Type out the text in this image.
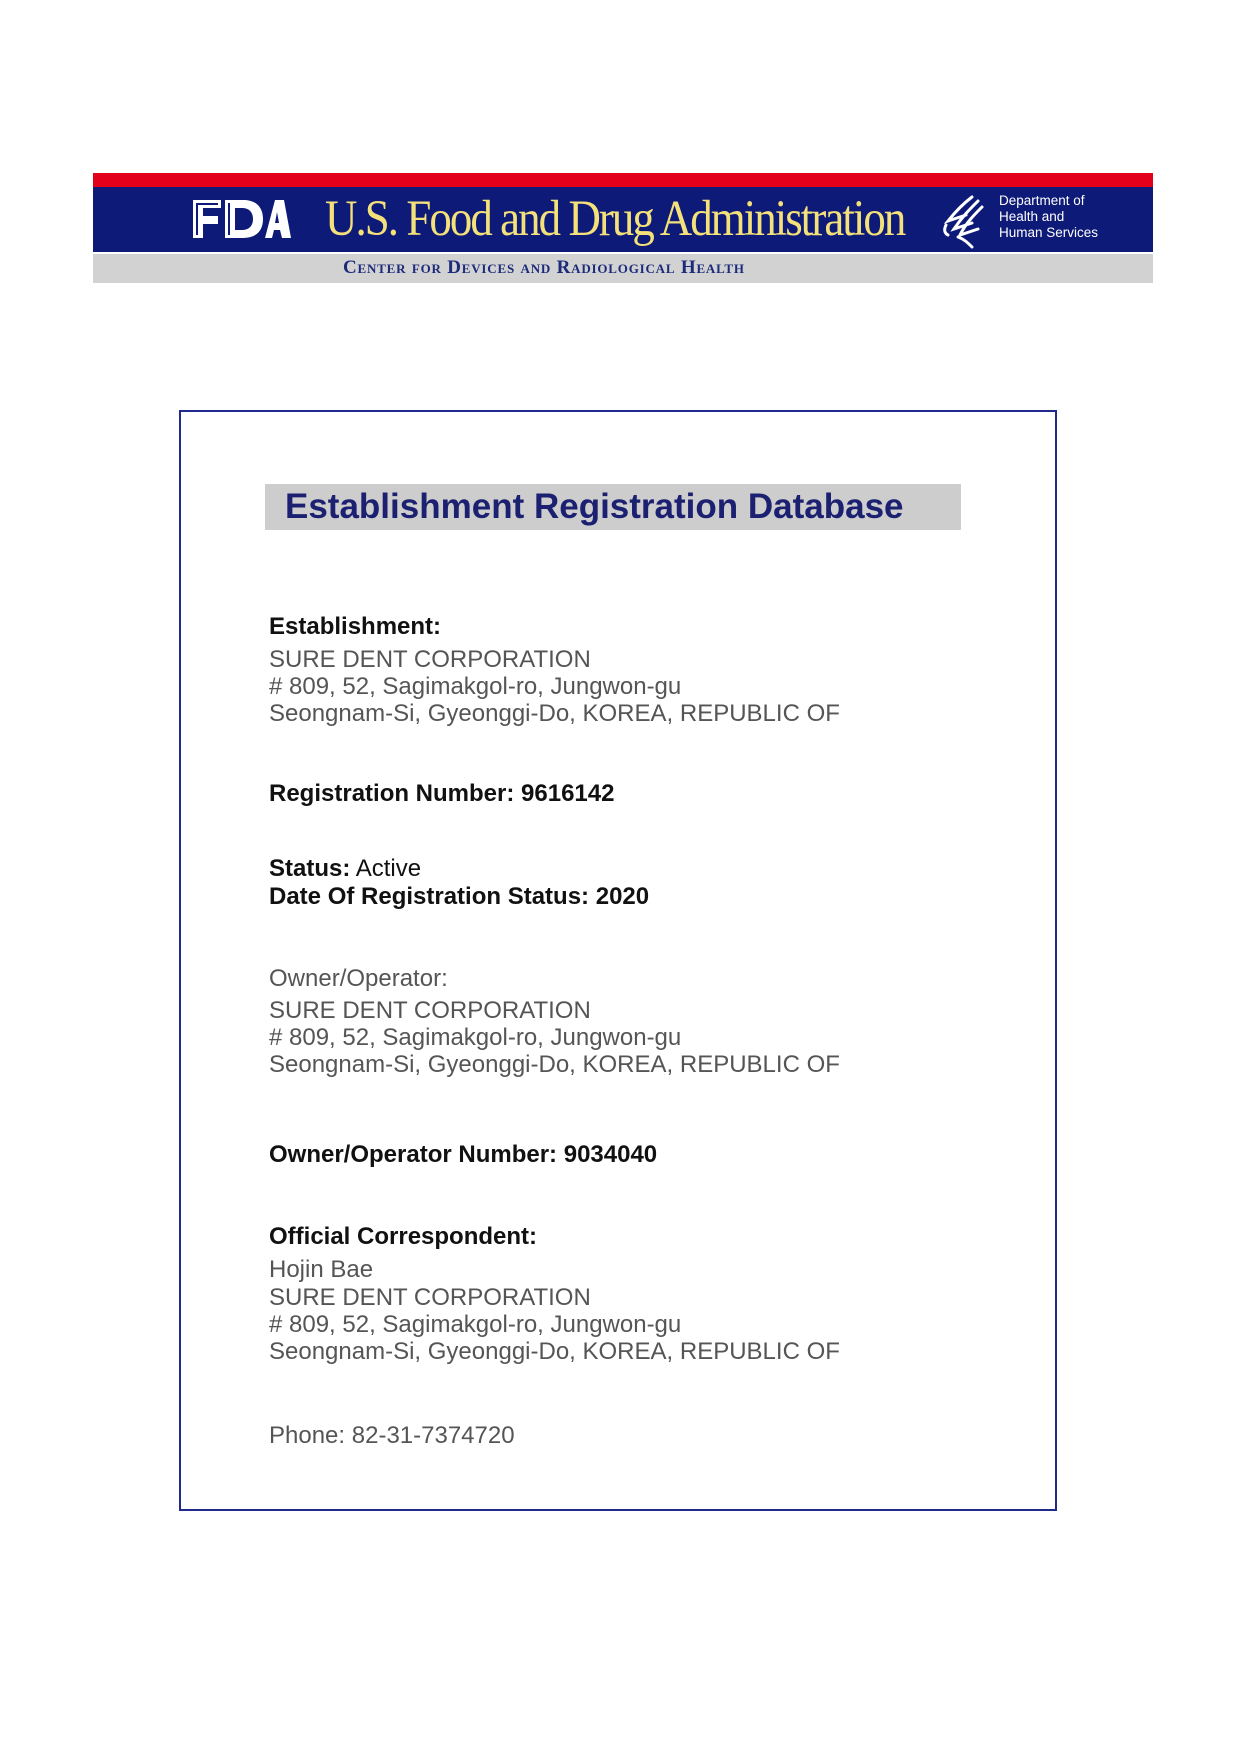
U.S. Food and Drug Administration	Department of
Health and
Human Services
Center for Devices and Radiological Health
Establishment Registration Database
Establishment:
SURE DENT CORPORATION
# 809, 52, Sagimakgol-ro, Jungwon-gu
Seongnam-Si, Gyeonggi-Do, KOREA, REPUBLIC OF
Registration Number: 9616142
Status: Active
Date Of Registration Status: 2020
Owner/Operator:
SURE DENT CORPORATION
# 809, 52, Sagimakgol-ro, Jungwon-gu
Seongnam-Si, Gyeonggi-Do, KOREA, REPUBLIC OF
Owner/Operator Number: 9034040
Official Correspondent:
Hojin Bae
SURE DENT CORPORATION
# 809, 52, Sagimakgol-ro, Jungwon-gu
Seongnam-Si, Gyeonggi-Do, KOREA, REPUBLIC OF
Phone: 82-31-7374720
